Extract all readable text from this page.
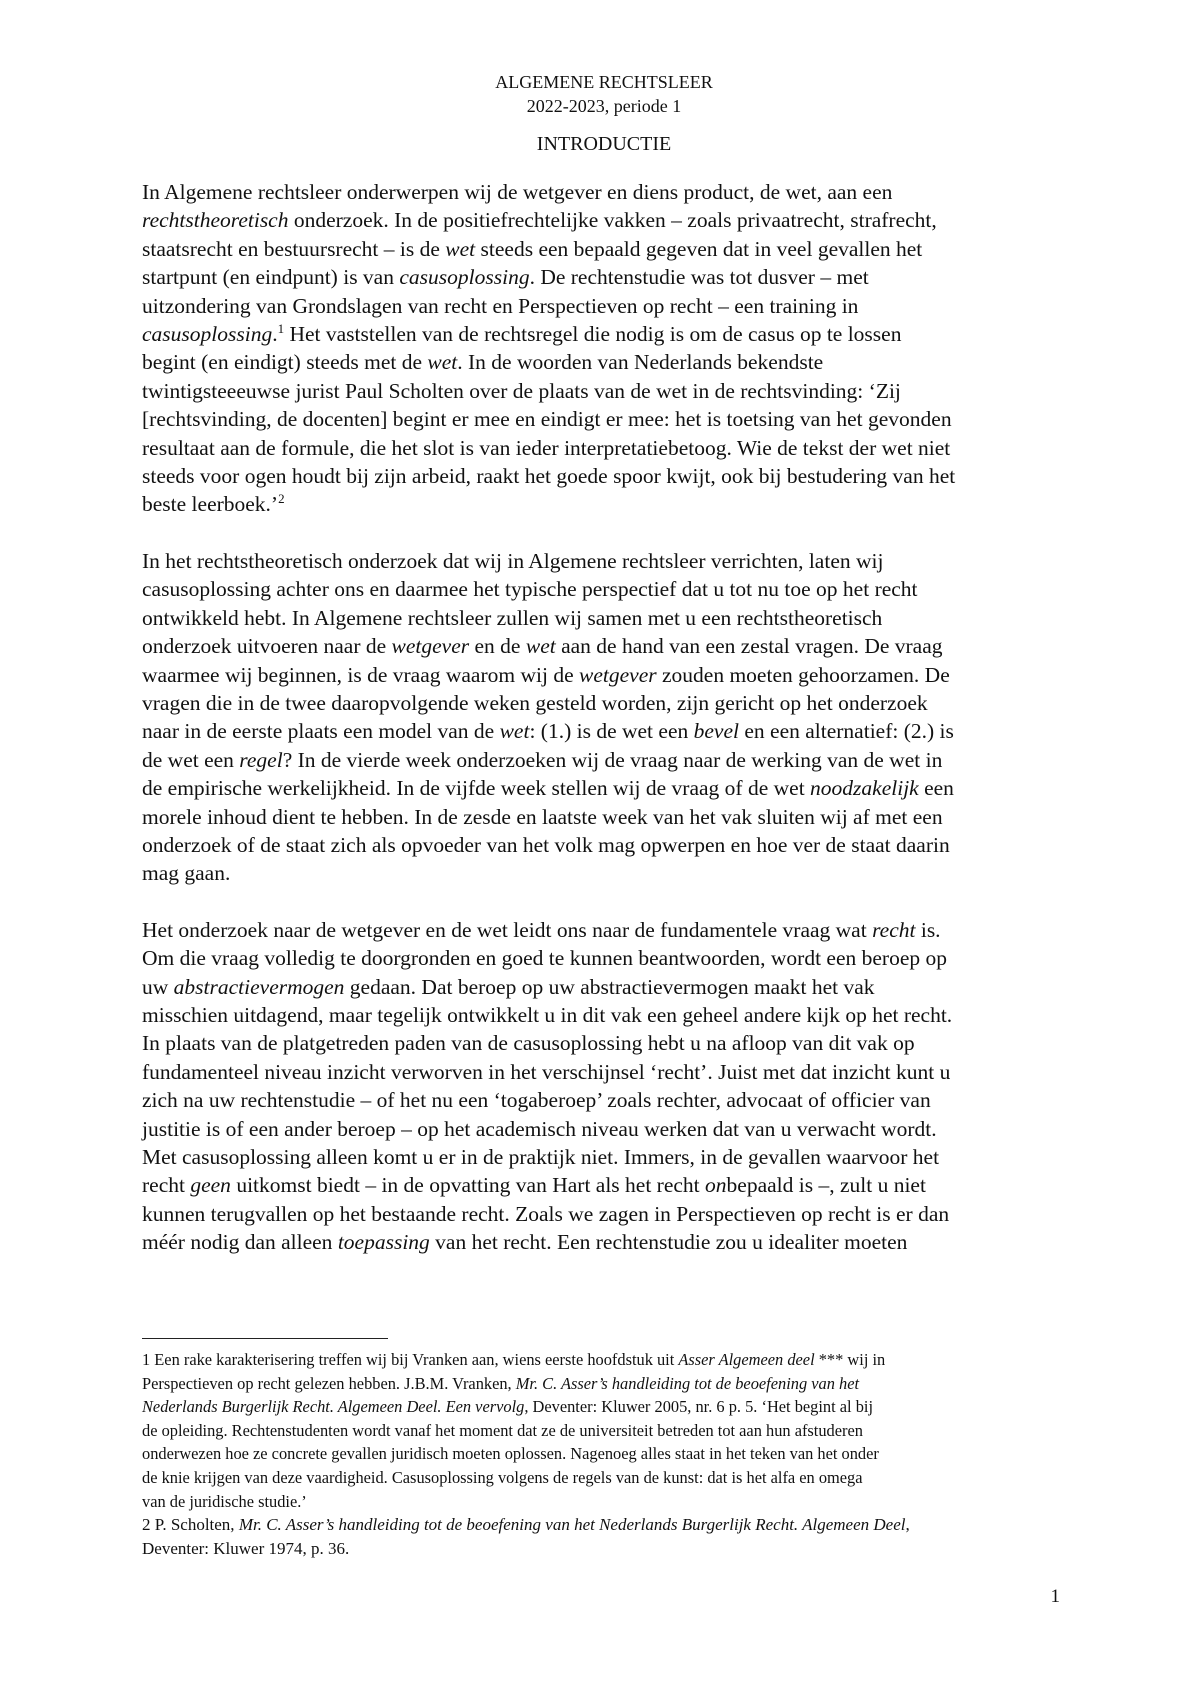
ALGEMENE RECHTSLEER
2022-2023, periode 1
INTRODUCTIE
In Algemene rechtsleer onderwerpen wij de wetgever en diens product, de wet, aan een
rechtstheoretisch onderzoek. In de positiefrechtelijke vakken – zoals privaatrecht, strafrecht,
staatsrecht en bestuursrecht – is de wet steeds een bepaald gegeven dat in veel gevallen het
startpunt (en eindpunt) is van casusoplossing. De rechtenstudie was tot dusver – met
uitzondering van Grondslagen van recht en Perspectieven op recht – een training in
casusoplossing.$^1$ Het vaststellen van de rechtsregel die nodig is om de casus op te lossen
begint (en eindigt) steeds met de wet. In de woorden van Nederlands bekendste
twintigsteeeuwse jurist Paul Scholten over de plaats van de wet in de rechtsvinding: ‘Zij
[rechtsvinding, de docenten] begint er mee en eindigt er mee: het is toetsing van het gevonden
resultaat aan de formule, die het slot is van ieder interpretatiebetoog. Wie de tekst der wet niet
steeds voor ogen houdt bij zijn arbeid, raakt het goede spoor kwijt, ook bij bestudering van het
beste leerboek.’$^2$
In het rechtstheoretisch onderzoek dat wij in Algemene rechtsleer verrichten, laten wij
casusoplossing achter ons en daarmee het typische perspectief dat u tot nu toe op het recht
ontwikkeld hebt. In Algemene rechtsleer zullen wij samen met u een rechtstheoretisch
onderzoek uitvoeren naar de wetgever en de wet aan de hand van een zestal vragen. De vraag
waarmee wij beginnen, is de vraag waarom wij de wetgever zouden moeten gehoorzamen. De
vragen die in de twee daaropvolgende weken gesteld worden, zijn gericht op het onderzoek
naar in de eerste plaats een model van de wet: (1.) is de wet een bevel en een alternatief: (2.) is
de wet een regel? In de vierde week onderzoeken wij de vraag naar de werking van de wet in
de empirische werkelijkheid. In de vijfde week stellen wij de vraag of de wet noodzakelijk een
morele inhoud dient te hebben. In de zesde en laatste week van het vak sluiten wij af met een
onderzoek of de staat zich als opvoeder van het volk mag opwerpen en hoe ver de staat daarin
mag gaan.
Het onderzoek naar de wetgever en de wet leidt ons naar de fundamentele vraag wat recht is.
Om die vraag volledig te doorgronden en goed te kunnen beantwoorden, wordt een beroep op
uw abstractievermogen gedaan. Dat beroep op uw abstractievermogen maakt het vak
misschien uitdagend, maar tegelijk ontwikkelt u in dit vak een geheel andere kijk op het recht.
In plaats van de platgetreden paden van de casusoplossing hebt u na afloop van dit vak op
fundamenteel niveau inzicht verworven in het verschijnsel ‘recht’. Juist met dat inzicht kunt u
zich na uw rechtenstudie – of het nu een ‘togaberoep’ zoals rechter, advocaat of officier van
justitie is of een ander beroep – op het academisch niveau werken dat van u verwacht wordt.
Met casusoplossing alleen komt u er in de praktijk niet. Immers, in de gevallen waarvoor het
recht geen uitkomst biedt – in de opvatting van Hart als het recht onbepaald is –, zult u niet
kunnen terugvallen op het bestaande recht. Zoals we zagen in Perspectieven op recht is er dan
méér nodig dan alleen toepassing van het recht. Een rechtenstudie zou u idealiter moeten
1 Een rake karakterisering treffen wij bij Vranken aan, wiens eerste hoofdstuk uit Asser Algemeen deel *** wij in
Perspectieven op recht gelezen hebben. J.B.M. Vranken, Mr. C. Asser’s handleiding tot de beoefening van het
Nederlands Burgerlijk Recht. Algemeen Deel. Een vervolg, Deventer: Kluwer 2005, nr. 6 p. 5. ‘Het begint al bij
de opleiding. Rechtenstudenten wordt vanaf het moment dat ze de universiteit betreden tot aan hun afstuderen
onderwezen hoe ze concrete gevallen juridisch moeten oplossen. Nagenoeg alles staat in het teken van het onder
de knie krijgen van deze vaardigheid. Casusoplossing volgens de regels van de kunst: dat is het alfa en omega
van de juridische studie.’
2 P. Scholten, Mr. C. Asser’s handleiding tot de beoefening van het Nederlands Burgerlijk Recht. Algemeen Deel,
Deventer: Kluwer 1974, p. 36.
1
